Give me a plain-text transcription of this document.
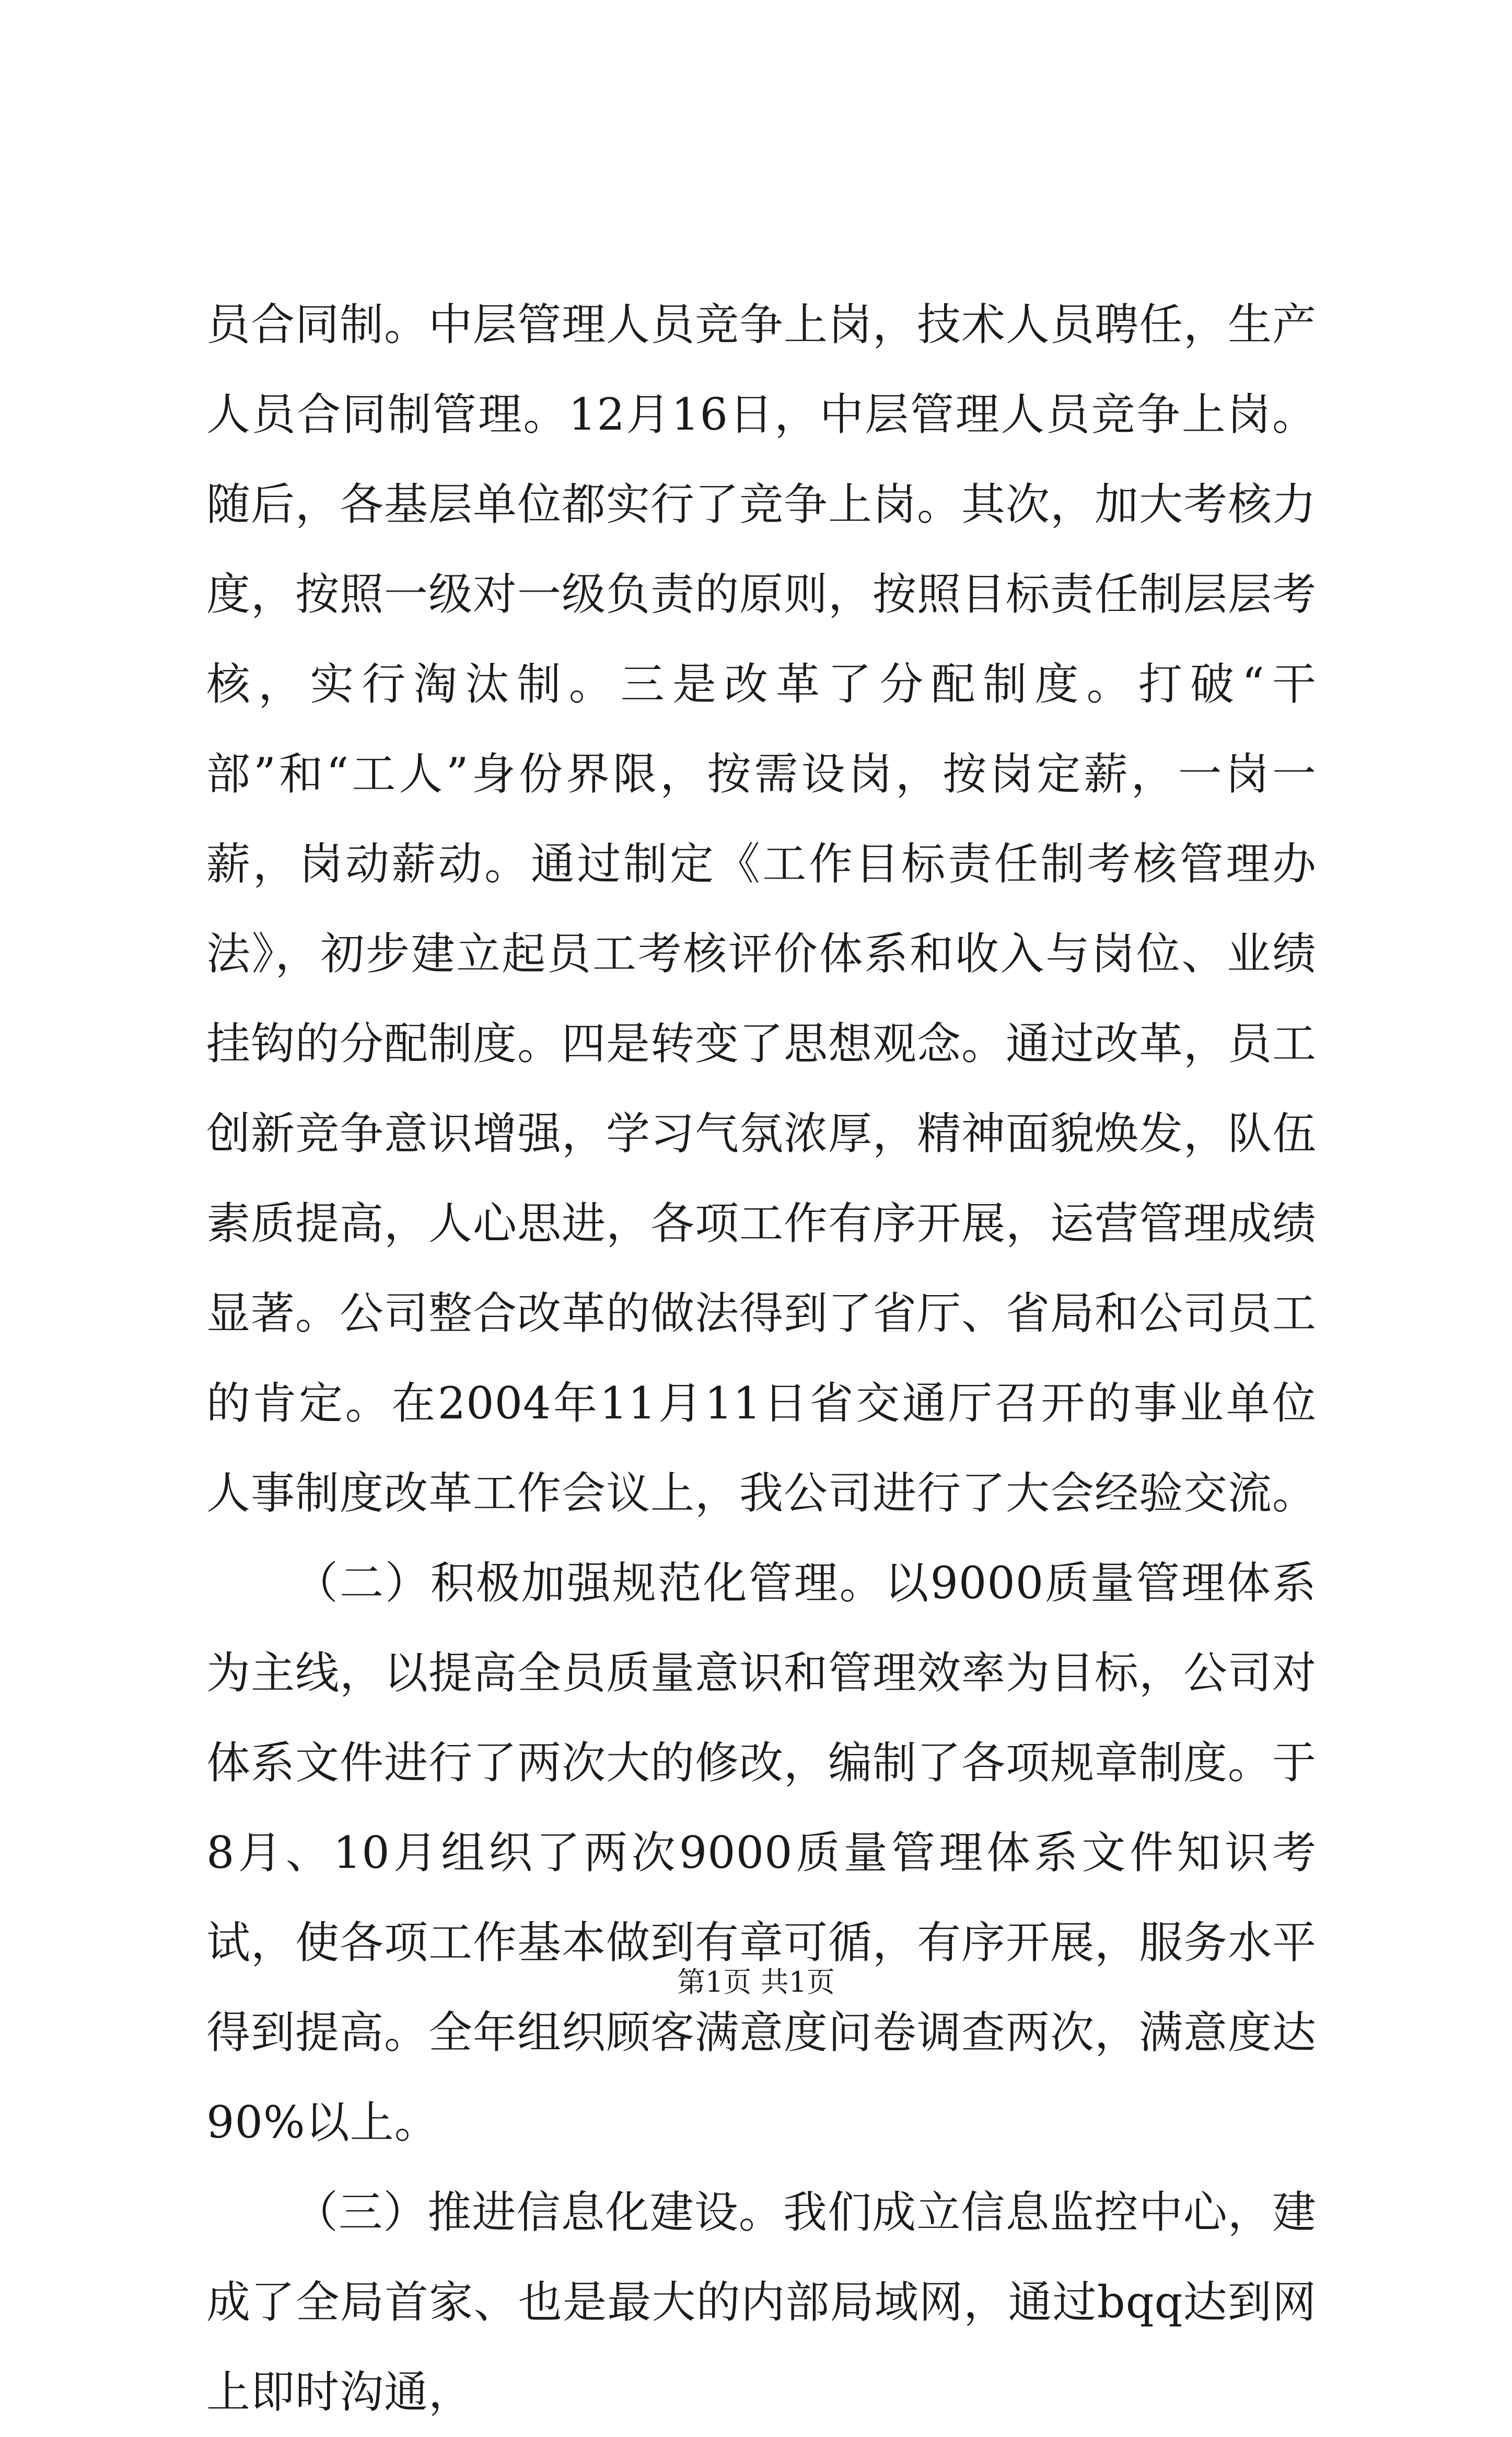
员合同制。中层管理人员竞争上岗，技术人员聘任，生产人员合同制管理。12月16日，中层管理人员竞争上岗。随后，各基层单位都实行了竞争上岗。其次，加大考核力度，按照一级对一级负责的原则，按照目标责任制层层考核，实行淘汰制。三是改革了分配制度。打破“干部”和“工人”身份界限，按需设岗，按岗定薪，一岗一薪，岗动薪动。通过制定《工作目标责任制考核管理办法》，初步建立起员工考核评价体系和收入与岗位、业绩挂钩的分配制度。四是转变了思想观念。通过改革，员工创新竞争意识增强，学习气氛浓厚，精神面貌焕发，队伍素质提高，人心思进，各项工作有序开展，运营管理成绩显著。公司整合改革的做法得到了省厅、省局和公司员工的肯定。在2004年11月11日省交通厅召开的事业单位人事制度改革工作会议上，我公司进行了大会经验交流。

（二）积极加强规范化管理。以9000质量管理体系为主线，以提高全员质量意识和管理效率为目标，公司对体系文件进行了两次大的修改，编制了各项规章制度。于8月、10月组织了两次9000质量管理体系文件知识考试，使各项工作基本做到有章可循，有序开展，服务水平得到提高。全年组织顾客满意度问卷调查两次，满意度达90%以上。

（三）推进信息化建设。我们成立信息监控中心，建成了全局首家、也是最大的内部局域网，通过bqq达到网上即时沟通，

第1页 共1页
